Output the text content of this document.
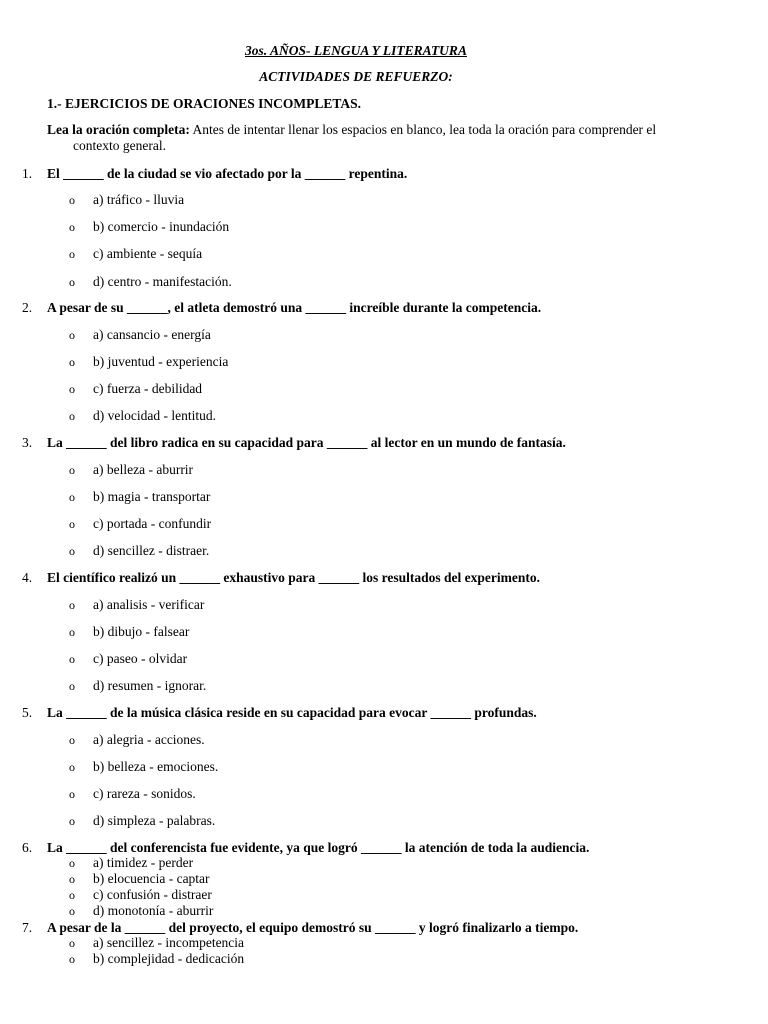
3os. AÑOS- LENGUA Y LITERATURA
ACTIVIDADES DE REFUERZO:
1.- EJERCICIOS DE ORACIONES INCOMPLETAS.
Lea la oración completa: Antes de intentar llenar los espacios en blanco, lea toda la oración para comprender el
contexto general.
1. El ______ de la ciudad se vio afectado por la ______ repentina.
o a) tráfico - lluvia
o b) comercio - inundación
o c) ambiente - sequía
o d) centro - manifestación.
2. A pesar de su ______, el atleta demostró una ______ increíble durante la competencia.
o a) cansancio - energía
o b) juventud - experiencia
o c) fuerza - debilidad
o d) velocidad - lentitud.
3. La ______ del libro radica en su capacidad para ______ al lector en un mundo de fantasía.
o a) belleza - aburrir
o b) magia - transportar
o c) portada - confundir
o d) sencillez - distraer.
4. El científico realizó un ______ exhaustivo para ______ los resultados del experimento.
o a) analisis - verificar
o b) dibujo - falsear
o c) paseo - olvidar
o d) resumen - ignorar.
5. La ______ de la música clásica reside en su capacidad para evocar ______ profundas.
o a) alegria - acciones.
o b) belleza - emociones.
o c) rareza - sonidos.
o d) simpleza - palabras.
6. La ______ del conferencista fue evidente, ya que logró ______ la atención de toda la audiencia.
o a) timidez - perder
o b) elocuencia - captar
o c) confusión - distraer
o d) monotonía - aburrir
7. A pesar de la ______ del proyecto, el equipo demostró su ______ y logró finalizarlo a tiempo.
o a) sencillez - incompetencia
o b) complejidad - dedicación
